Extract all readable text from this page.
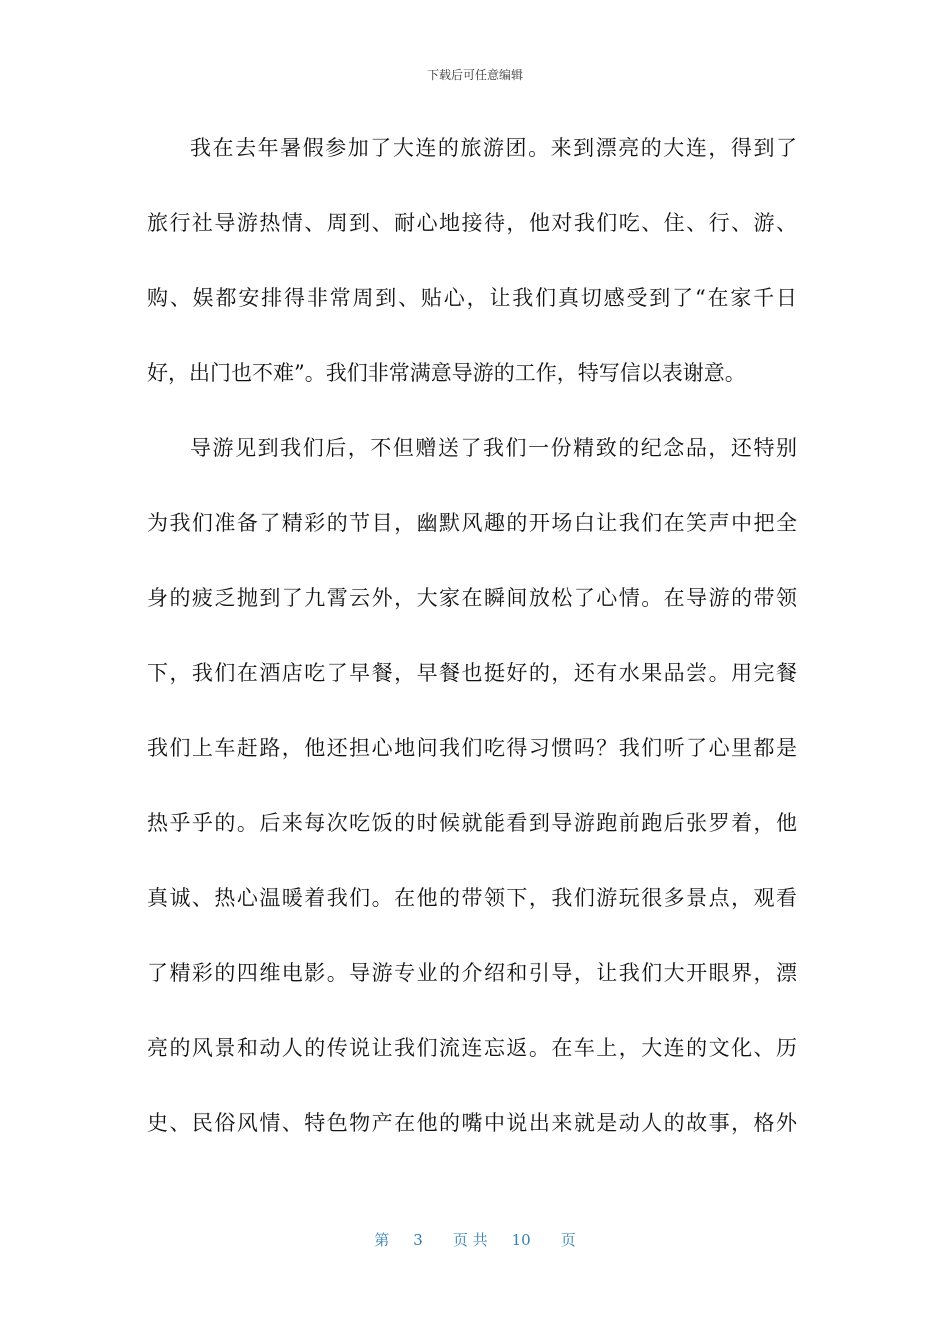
下载后可任意编辑
我在去年暑假参加了大连的旅游团。来到漂亮的大连，得到了
旅行社导游热情、周到、耐心地接待，他对我们吃、住、行、游、
购、娱都安排得非常周到、贴心，让我们真切感受到了“在家千日
好，出门也不难”。我们非常满意导游的工作，特写信以表谢意。
导游见到我们后，不但赠送了我们一份精致的纪念品，还特别
为我们准备了精彩的节目，幽默风趣的开场白让我们在笑声中把全
身的疲乏抛到了九霄云外，大家在瞬间放松了心情。在导游的带领
下，我们在酒店吃了早餐，早餐也挺好的，还有水果品尝。用完餐
我们上车赶路，他还担心地问我们吃得习惯吗？我们听了心里都是
热乎乎的。后来每次吃饭的时候就能看到导游跑前跑后张罗着，他
真诚、热心温暖着我们。在他的带领下，我们游玩很多景点，观看
了精彩的四维电影。导游专业的介绍和引导，让我们大开眼界，漂
亮的风景和动人的传说让我们流连忘返。在车上，大连的文化、历
史、民俗风情、特色物产在他的嘴中说出来就是动人的故事，格外
第 3 页 共 10 页
